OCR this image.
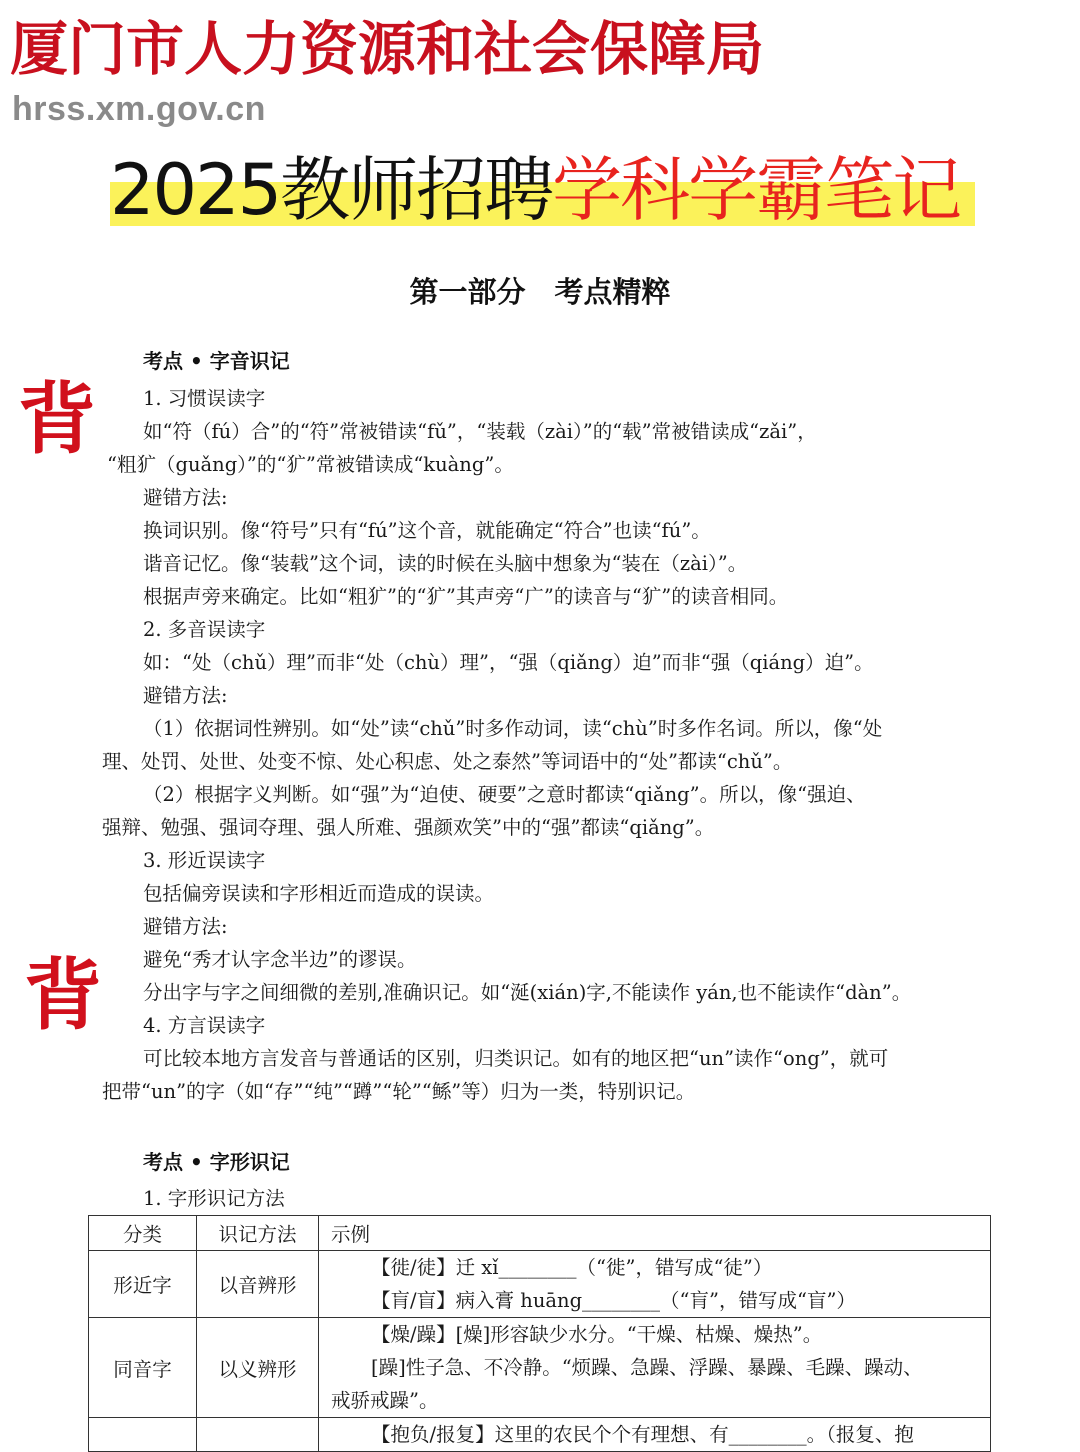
厦门市人力资源和社会保障局
hrss.xm.gov.cn
2025教师招聘学科学霸笔记
第一部分　考点精粹
背
背
考点 • 字音识记
1. 习惯误读字
如“符（fú）合”的“符”常被错读“fǔ”，“装载（zài）”的“载”常被错读成“zǎi”，
“粗犷（guǎng）”的“犷”常被错读成“kuàng”。
避错方法:
换词识别。像“符号”只有“fú”这个音，就能确定“符合”也读“fú”。
谐音记忆。像“装载”这个词，读的时候在头脑中想象为“装在（zài）”。
根据声旁来确定。比如“粗犷”的“犷”其声旁“广”的读音与“犷”的读音相同。
2. 多音误读字
如：“处（chǔ）理”而非“处（chù）理”，“强（qiǎng）迫”而非“强（qiáng）迫”。
避错方法:
（1）依据词性辨别。如“处”读“chǔ”时多作动词，读“chù”时多作名词。所以，像“处
理、处罚、处世、处变不惊、处心积虑、处之泰然”等词语中的“处”都读“chǔ”。
（2）根据字义判断。如“强”为“迫使、硬要”之意时都读“qiǎng”。所以，像“强迫、
强辩、勉强、强词夺理、强人所难、强颜欢笑”中的“强”都读“qiǎng”。
3. 形近误读字
包括偏旁误读和字形相近而造成的误读。
避错方法:
避免“秀才认字念半边”的谬误。
分出字与字之间细微的差别,准确识记。如“涎(xián)字,不能读作 yán,也不能读作“dàn”。
4. 方言误读字
可比较本地方言发音与普通话的区别，归类识记。如有的地区把“un”读作“ong”，就可
把带“un”的字（如“存”“纯”“蹲”“轮”“鲧”等）归为一类，特别识记。
考点 • 字形识记
1. 字形识记方法
分类	识记方法	示例
形近字	以音辨形	【徙/徒】迁 xǐ________（“徙”，错写成“徒”）
【肓/盲】病入膏 huāng________（“肓”，错写成“盲”）

同音字	以义辨形	【燥/躁】[燥]形容缺少水分。“干燥、枯燥、燥热”。
[躁]性子急、不冷静。“烦躁、急躁、浮躁、暴躁、毛躁、躁动、
戒骄戒躁”。

		【抱负/报复】这里的农民个个有理想、有________。（报复、抱
